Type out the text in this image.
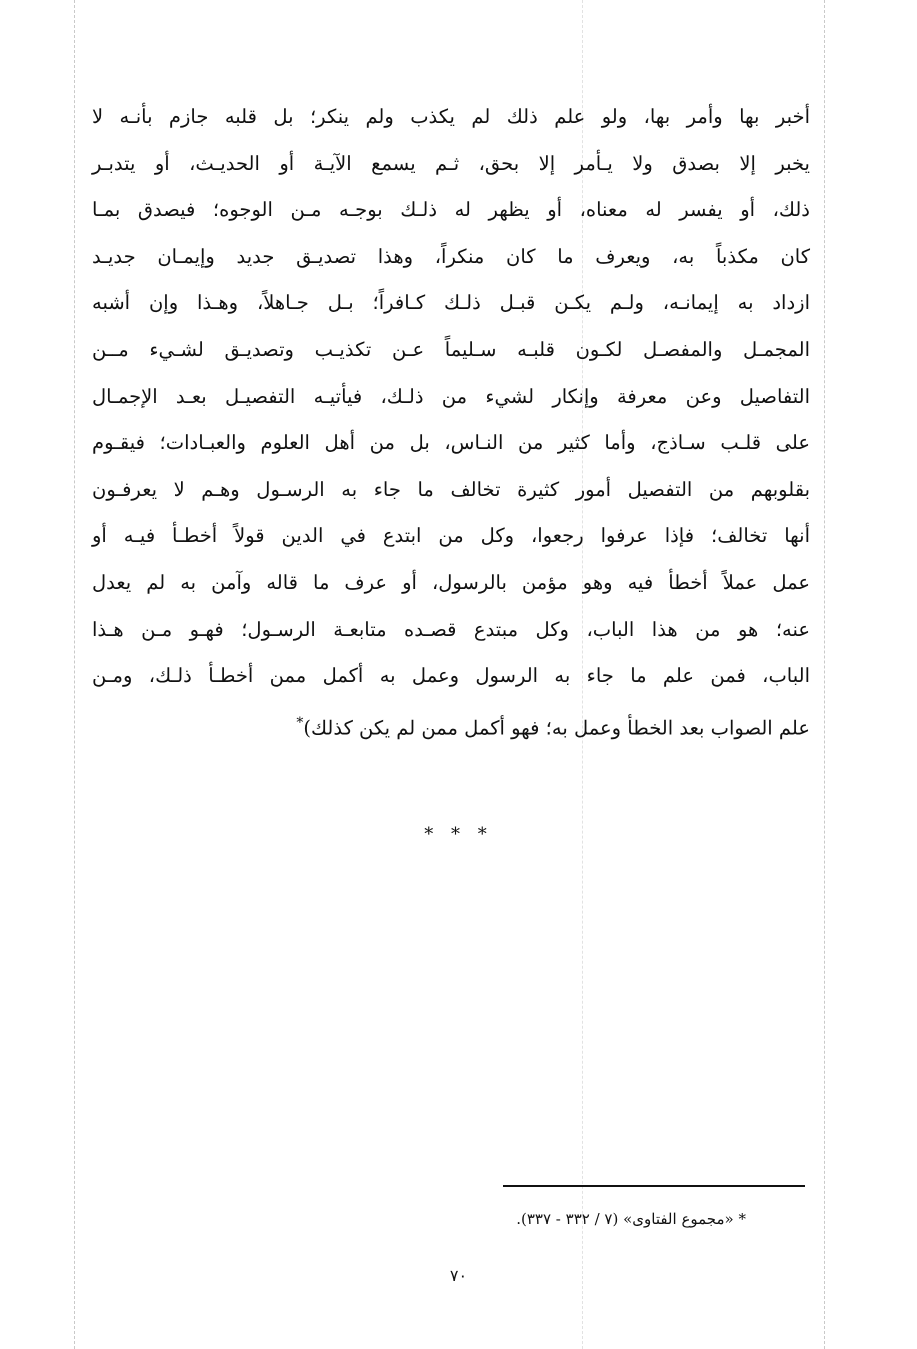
أخبر بها وأمر بها، ولو علم ذلك لم يكذب ولم ينكر؛ بل قلبه جازم بأنـه لا
يخبر إلا بصدق ولا يـأمر إلا بحق، ثـم يسمع الآيـة أو الحديـث، أو يتدبـر
ذلك، أو يفسر له معناه، أو يظهر له ذلـك بوجـه مـن الوجوه؛ فيصدق بمـا
كان مكذباً به، ويعرف ما كان منكراً، وهذا تصديـق جديد وإيمـان جديـد
ازداد به إيمانـه، ولـم يكـن قبـل ذلـك كـافراً؛ بـل جـاهلاً، وهـذا وإن أشبه
المجمـل والمفصـل لكـون قلبـه سـليماً عـن تكذيـب وتصديـق لشـيء مــن
التفاصيل وعن معرفة وإنكار لشيء من ذلـك، فيأتيـه التفصيـل بعـد الإجمـال
على قلـب سـاذج، وأما كثير من النـاس، بل من أهل العلوم والعبـادات؛ فيقـوم
بقلوبهم من التفصيل أمور كثيرة تخالف ما جاء به الرسـول وهـم لا يعرفـون
أنها تخالف؛ فإذا عرفوا رجعوا، وكل من ابتدع في الدين قولاً أخطـأ فيـه أو
عمل عملاً أخطأ فيه وهو مؤمن بالرسول، أو عرف ما قاله وآمن به لم يعدل
عنه؛ هو من هذا الباب، وكل مبتدع قصـده متابعـة الرسـول؛ فهـو مـن هـذا
الباب، فمن علم ما جاء به الرسول وعمل به أكمل ممن أخطـأ ذلـك، ومـن
علم الصواب بعد الخطأ وعمل به؛ فهو أكمل ممن لم يكن كذلك)*
* * *
* «مجموع الفتاوى» (٧ / ٣٣٢ - ٣٣٧).
٧٠
